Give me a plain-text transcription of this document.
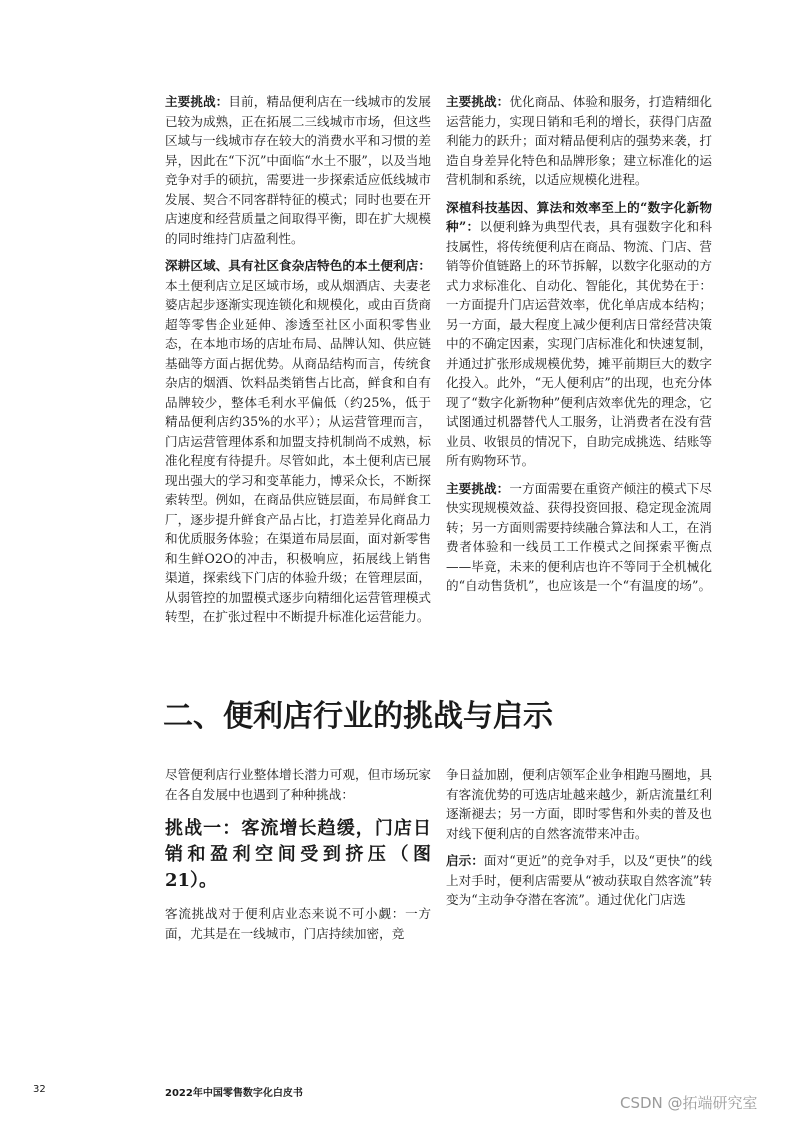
主要挑战：目前，精品便利店在一线城市的发展已较为成熟，正在拓展二三线城市市场，但这些区域与一线城市存在较大的消费水平和习惯的差异，因此在“下沉”中面临“水土不服”，以及当地竞争对手的硕抗，需要进一步探索适应低线城市发展、契合不同客群特征的模式；同时也要在开店速度和经营质量之间取得平衡，即在扩大规模的同时维持门店盈利性。

深耕区域、具有社区食杂店特色的本土便利店：本土便利店立足区域市场，或从烟酒店、夫妻老婆店起步逐渐实现连锁化和规模化，或由百货商超等零售企业延伸、渗透至社区小面积零售业态，在本地市场的店址布局、品牌认知、供应链基础等方面占据优势。从商品结构而言，传统食杂店的烟酒、饮料品类销售占比高，鲜食和自有品牌较少，整体毛利水平偏低（约25%，低于精品便利店约35%的水平）；从运营管理而言，门店运营管理体系和加盟支持机制尚不成熟，标准化程度有待提升。尽管如此，本土便利店已展现出强大的学习和变革能力，博采众长，不断探索转型。例如，在商品供应链层面，布局鲜食工厂，逐步提升鲜食产品占比，打造差异化商品力和优质服务体验；在渠道布局层面，面对新零售和生鲜O2O的冲击，积极响应，拓展线上销售渠道，探索线下门店的体验升级；在管理层面，从弱管控的加盟模式逐步向精细化运营管理模式转型，在扩张过程中不断提升标准化运营能力。

主要挑战：优化商品、体验和服务，打造精细化运营能力，实现日销和毛利的增长，获得门店盈利能力的跃升；面对精品便利店的强势来袭，打造自身差异化特色和品牌形象；建立标准化的运营机制和系统，以适应规模化进程。

深植科技基因、算法和效率至上的“数字化新物种”：以便利蜂为典型代表，具有强数字化和科技属性，将传统便利店在商品、物流、门店、营销等价值链路上的环节拆解，以数字化驱动的方式力求标准化、自动化、智能化，其优势在于：一方面提升门店运营效率，优化单店成本结构；另一方面，最大程度上减少便利店日常经营决策中的不确定因素，实现门店标准化和快速复制，并通过扩张形成规模优势，摊平前期巨大的数字化投入。此外，“无人便利店”的出现，也充分体现了“数字化新物种”便利店效率优先的理念，它试图通过机器替代人工服务，让消费者在没有营业员、收银员的情况下，自助完成挑选、结账等所有购物环节。

主要挑战：一方面需要在重资产倾注的模式下尽快实现规模效益、获得投资回报、稳定现金流周转；另一方面则需要持续融合算法和人工，在消费者体验和一线员工工作模式之间探索平衡点——毕竟，未来的便利店也许不等同于全机械化的“自动售货机”，也应该是一个“有温度的场”。

二、便利店行业的挑战与启示

尽管便利店行业整体增长潜力可观，但市场玩家在各自发展中也遇到了种种挑战：

挑战一：客流增长趋缓，门店日销和盈利空间受到挤压（图21）。

客流挑战对于便利店业态来说不可小觑：一方面，尤其是在一线城市，门店持续加密，竞

争日益加剧，便利店领军企业争相跑马圈地，具有客流优势的可选店址越来越少，新店流量红利逐渐褪去；另一方面，即时零售和外卖的普及也对线下便利店的自然客流带来冲击。

启示：面对“更近”的竞争对手，以及“更快”的线上对手时，便利店需要从“被动获取自然客流”转变为“主动争夺潜在客流”。通过优化门店选

32	2022年中国零售数字化白皮书
CSDN @拓端研究室
